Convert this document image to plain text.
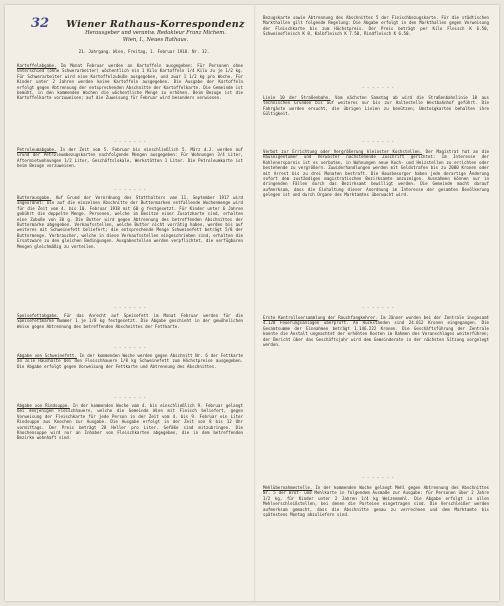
32	Wiener Rathaus-Korrespondenz
Herausgeber und verantw. Redakteur Franz Michem.
Wien, I., Neues Rathaus.
21. Jahrgang. Wien, Freitag, 1. Februar 1918. Nr. 32.

Kartoffelabgabe. Im Monat Februar werden an Kartoffeln ausgegeben: Für Personen ohne Unterschied (ohne Schwerarbeiter) wöchentlich ein 1 Kilo Kartoffeln 1/4 Kilo zu je 1/2 kg. Für Schwerarbeiter wird eine Kartoffelzubuße ausgegeben, und zwar 1 1/2 kg pro Woche. Für Kinder unter 2 Jahren werden keine Kartoffeln ausgegeben. Die Ausgabe der Kartoffeln erfolgt gegen Abtrennung der entsprechenden Abschnitte der Kartoffelkarte. Die Gemeinde ist bemüht, in den kommenden Wochen die wöchentliche Menge zu erhöhen. Beim Bezuge ist die Kartoffelkarte vorzuweisen; auf die Zuweisung für Februar wird besonders verwiesen.

- - - - - - -

Petroleumabgabe. In der Zeit vom 5. Februar bis einschließlich 5. März d.J. werden auf Grund der Petroleumbezugskarten nachfolgende Mengen ausgegeben: Für Wohnungen 3/4 Liter, Aftermietwohnungen 1/2 Liter, Geschäftslokale, Werkstätten 1 Liter. Die Petroleumkarte ist beim Bezuge vorzuweisen.

- - - - - - -

Butterausgabe. Auf Grund der Verordnung des Statthalters vom 11. September 1917 wird angeordnet: Die auf die einzelnen Abschnitte der Buttermarken entfallende Wochenmenge wird für die Zeit vom 4. bis 10. Februar 1918 mit 60 g festgesetzt. Für Kinder unter 6 Jahren gebührt die doppelte Menge. Personen, welche im Besitze einer Zusatzkarte sind, erhalten eine Zubuße von 30 g. Die Butter wird gegen Abtrennung des betreffenden Abschnittes der Buttermarke abgegeben. Verkaufsstellen, welche Butter nicht vorrätig haben, werden bis auf weiteres mit Schweinefett beliefert; die entsprechende Menge Schweinefett beträgt 5/8 der Buttermenge. Verbraucher, welche in diese Verkaufsstellen eingeschrieben sind, erhalten die Ersatzware zu den gleichen Bedingungen. Ausgabestellen werden verpflichtet, die verfügbaren Mengen gleichmäßig zu verteilen.

- - - - - - -

Speisefettabgabe. Für das Anrecht auf Speisefett im Monat Februar werden für die Speisefettmarke Nummer 1 je 1/8 kg festgesetzt. Die Abgabe geschieht in der gewöhnlichen Weise gegen Abtrennung des betreffenden Abschnittes der Fettkarte.

- - - - - - -

Abgabe von Schweinefett. In der kommenden Woche werden gegen Abschnitt Nr. 6 der Fettkarte an alle Haushalte bei den Fleischhauern 1/8 kg Schweinefett zum Höchstpreise ausgegeben. Die Abgabe erfolgt gegen Vorweisung der Fettkarte und Abtrennung des Abschnittes.

- - - - - - -

Abgabe von Rindsuppe. In der kommenden Woche vom 4. bis einschließlich 9. Februar gelangt bei denjenigen Fleischhauern, welche die Gemeinde Wien mit Fleisch beliefert, gegen Vorweisung der Fleischkarte für jede Person in der Zeit vom 4. bis 9. Februar ein Liter Rindsuppe aus Knochen zur Ausgabe. Die Ausgabe erfolgt in der Zeit von 8 bis 12 Uhr vormittags. Der Preis beträgt 20 Heller pro Liter. Gefäße sind mitzubringen. Die Knochensuppe wird nur an Inhaber von Fleischkarten abgegeben, die in dem betreffenden Bezirke wohnhaft sind.

Bezugskarte sowie Abtrennung des Abschnittes 5 der Fleischbezugskarte. Für die städtischen Markthallen gilt folgende Regelung: Die Abgabe erfolgt in den Markthallen gegen Vorweisung der Fleischkarte bis zum Höchstpreis. Der Preis beträgt per Kilo Fleisch K 6.50, Schweinefleisch K 8, Kalbfleisch K 7.50, Rindfleisch K 6.50.

- - - - - - -

Linie 10 der Straßenbahn. Vom nächsten Samstag ab wird die Straßenbahnlinie 10 aus technischen Gründen bis auf weiteres nur bis zur Haltestelle Westbahnhof geführt. Die Fahrgäste werden ersucht, die übrigen Linien zu benützen; Umsteigkarten behalten ihre Gültigkeit.

- - - - - - -

Verbot zur Errichtung oder Vergrößerung kleinster Kochstellen. Der Magistrat hat an die Hauseigentümer und Verwalter nachstehende Zuschrift gerichtet: Im Interesse der Kohlenersparnis ist es verboten, in Wohnungen neue Koch- und Heizstellen zu errichten oder bestehende zu vergrößern. Zuwiderhandlungen werden mit Geldstrafen bis zu 2000 Kronen oder mit Arrest bis zu drei Monaten bestraft. Die Hausbesorger haben jede derartige Änderung sofort dem zuständigen magistratischen Bezirksamte anzuzeigen. Ausnahmen können nur in dringenden Fällen durch das Bezirksamt bewilligt werden. Die Gemeinde macht darauf aufmerksam, dass die Einhaltung dieser Anordnung im Interesse der gesamten Bevölkerung gelegen ist und durch Organe des Marktamtes überwacht wird.

- - - - - - -

Erste Kontrollversammlung der Rauchfangkehrer. Im Jänner wurden bei der Zentrale insgesamt 4.128 Feuerungsanlagen überprüft. An Rückständen sind 24.012 Kronen eingegangen. Die Gesamtsumme der Einnahmen beträgt 1.146.222 Kronen. Die Geschäftsführung der Zentrale konnte die Anstalt ungeachtet der erhöhten Kosten im Rahmen des Voranschlages weiterführen; der Bericht über das Geschäftsjahr wird dem Gemeinderate in der nächsten Sitzung vorgelegt werden.

- - - - - - -

Mehlübernahmestelle. In der kommenden Woche gelangt Mehl gegen Abtrennung des Abschnittes Nr. 5 der Brot- und Mehlkarte in folgendem Ausmaße zur Ausgabe: für Personen über 2 Jahre 1/2 kg, für Kinder unter 2 Jahren 1/4 kg Weizenmehl. Die Abgabe erfolgt in allen Mehlverschleißstellen, bei denen die Parteien eingetragen sind. Die Verschleißer werden aufmerksam gemacht, dass die Abschnitte genau zu verrechnen und dem Marktamte bis spätestens Montag abzuliefern sind.
